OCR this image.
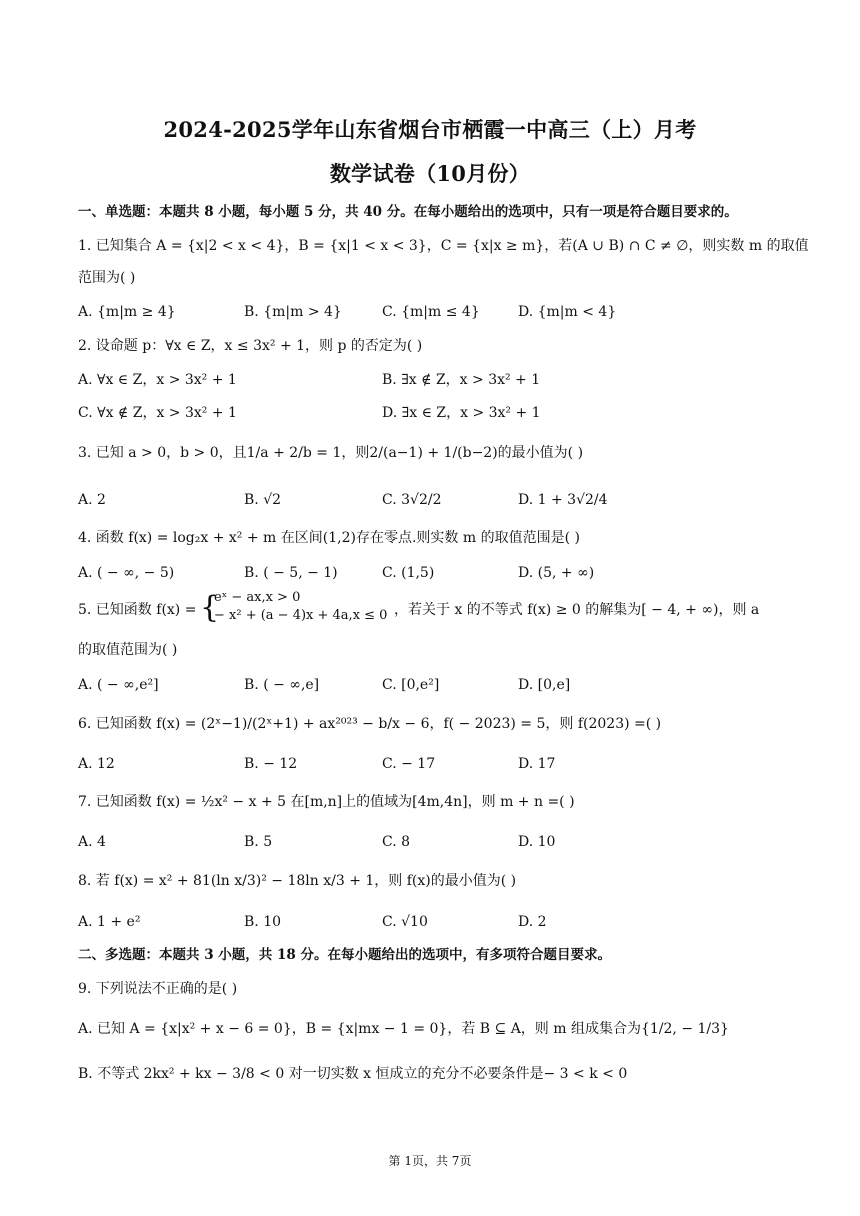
2024-2025学年山东省烟台市栖霞一中高三（上）月考
数学试卷（10月份）
一、单选题：本题共 8 小题，每小题 5 分，共 40 分。在每小题给出的选项中，只有一项是符合题目要求的。
1. 已知集合 A = {x|2 < x < 4}，B = {x|1 < x < 3}，C = {x|x ≥ m}，若(A ∪ B) ∩ C ≠ ∅，则实数 m 的取值
范围为( )
A. {m|m ≥ 4}	B. {m|m > 4}	C. {m|m ≤ 4}	D. {m|m < 4}
2. 设命题 p：∀x ∈ Z，x ≤ 3x² + 1，则 p 的否定为( )
A. ∀x ∈ Z，x > 3x² + 1	B. ∃x ∉ Z，x > 3x² + 1
C. ∀x ∉ Z，x > 3x² + 1	D. ∃x ∈ Z，x > 3x² + 1
3. 已知 a > 0，b > 0，且1/a + 2/b = 1，则2/(a−1) + 1/(b−2)的最小值为( )
A. 2	B. √2	C. 3√2/2	D. 1 + 3√2/4
4. 函数 f(x) = log₂x + x² + m 在区间(1,2)存在零点.则实数 m 的取值范围是( )
A. ( − ∞, − 5)	B. ( − 5, − 1)	C. (1,5)	D. (5, + ∞)
5. 已知函数 f(x) = {
eˣ − ax,x > 0
− x² + (a − 4)x + 4a,x ≤ 0 ，若关于 x 的不等式 f(x) ≥ 0 的解集为[ − 4, + ∞)，则 a
的取值范围为( )
A. ( − ∞,e²]	B. ( − ∞,e]	C. [0,e²]	D. [0,e]
6. 已知函数 f(x) = (2ˣ−1)/(2ˣ+1) + ax²⁰²³ − b/x − 6，f( − 2023) = 5，则 f(2023) =( )
A. 12	B. − 12	C. − 17	D. 17
7. 已知函数 f(x) = ½x² − x + 5 在[m,n]上的值域为[4m,4n]，则 m + n =( )
A. 4	B. 5	C. 8	D. 10
8. 若 f(x) = x² + 81(ln x/3)² − 18ln x/3 + 1，则 f(x)的最小值为( )
A. 1 + e²	B. 10	C. √10	D. 2
二、多选题：本题共 3 小题，共 18 分。在每小题给出的选项中，有多项符合题目要求。
9. 下列说法不正确的是( )
A. 已知 A = {x|x² + x − 6 = 0}，B = {x|mx − 1 = 0}，若 B ⊆ A，则 m 组成集合为{1/2, − 1/3}
B. 不等式 2kx² + kx − 3/8 < 0 对一切实数 x 恒成立的充分不必要条件是− 3 < k < 0
第 1页，共 7页
